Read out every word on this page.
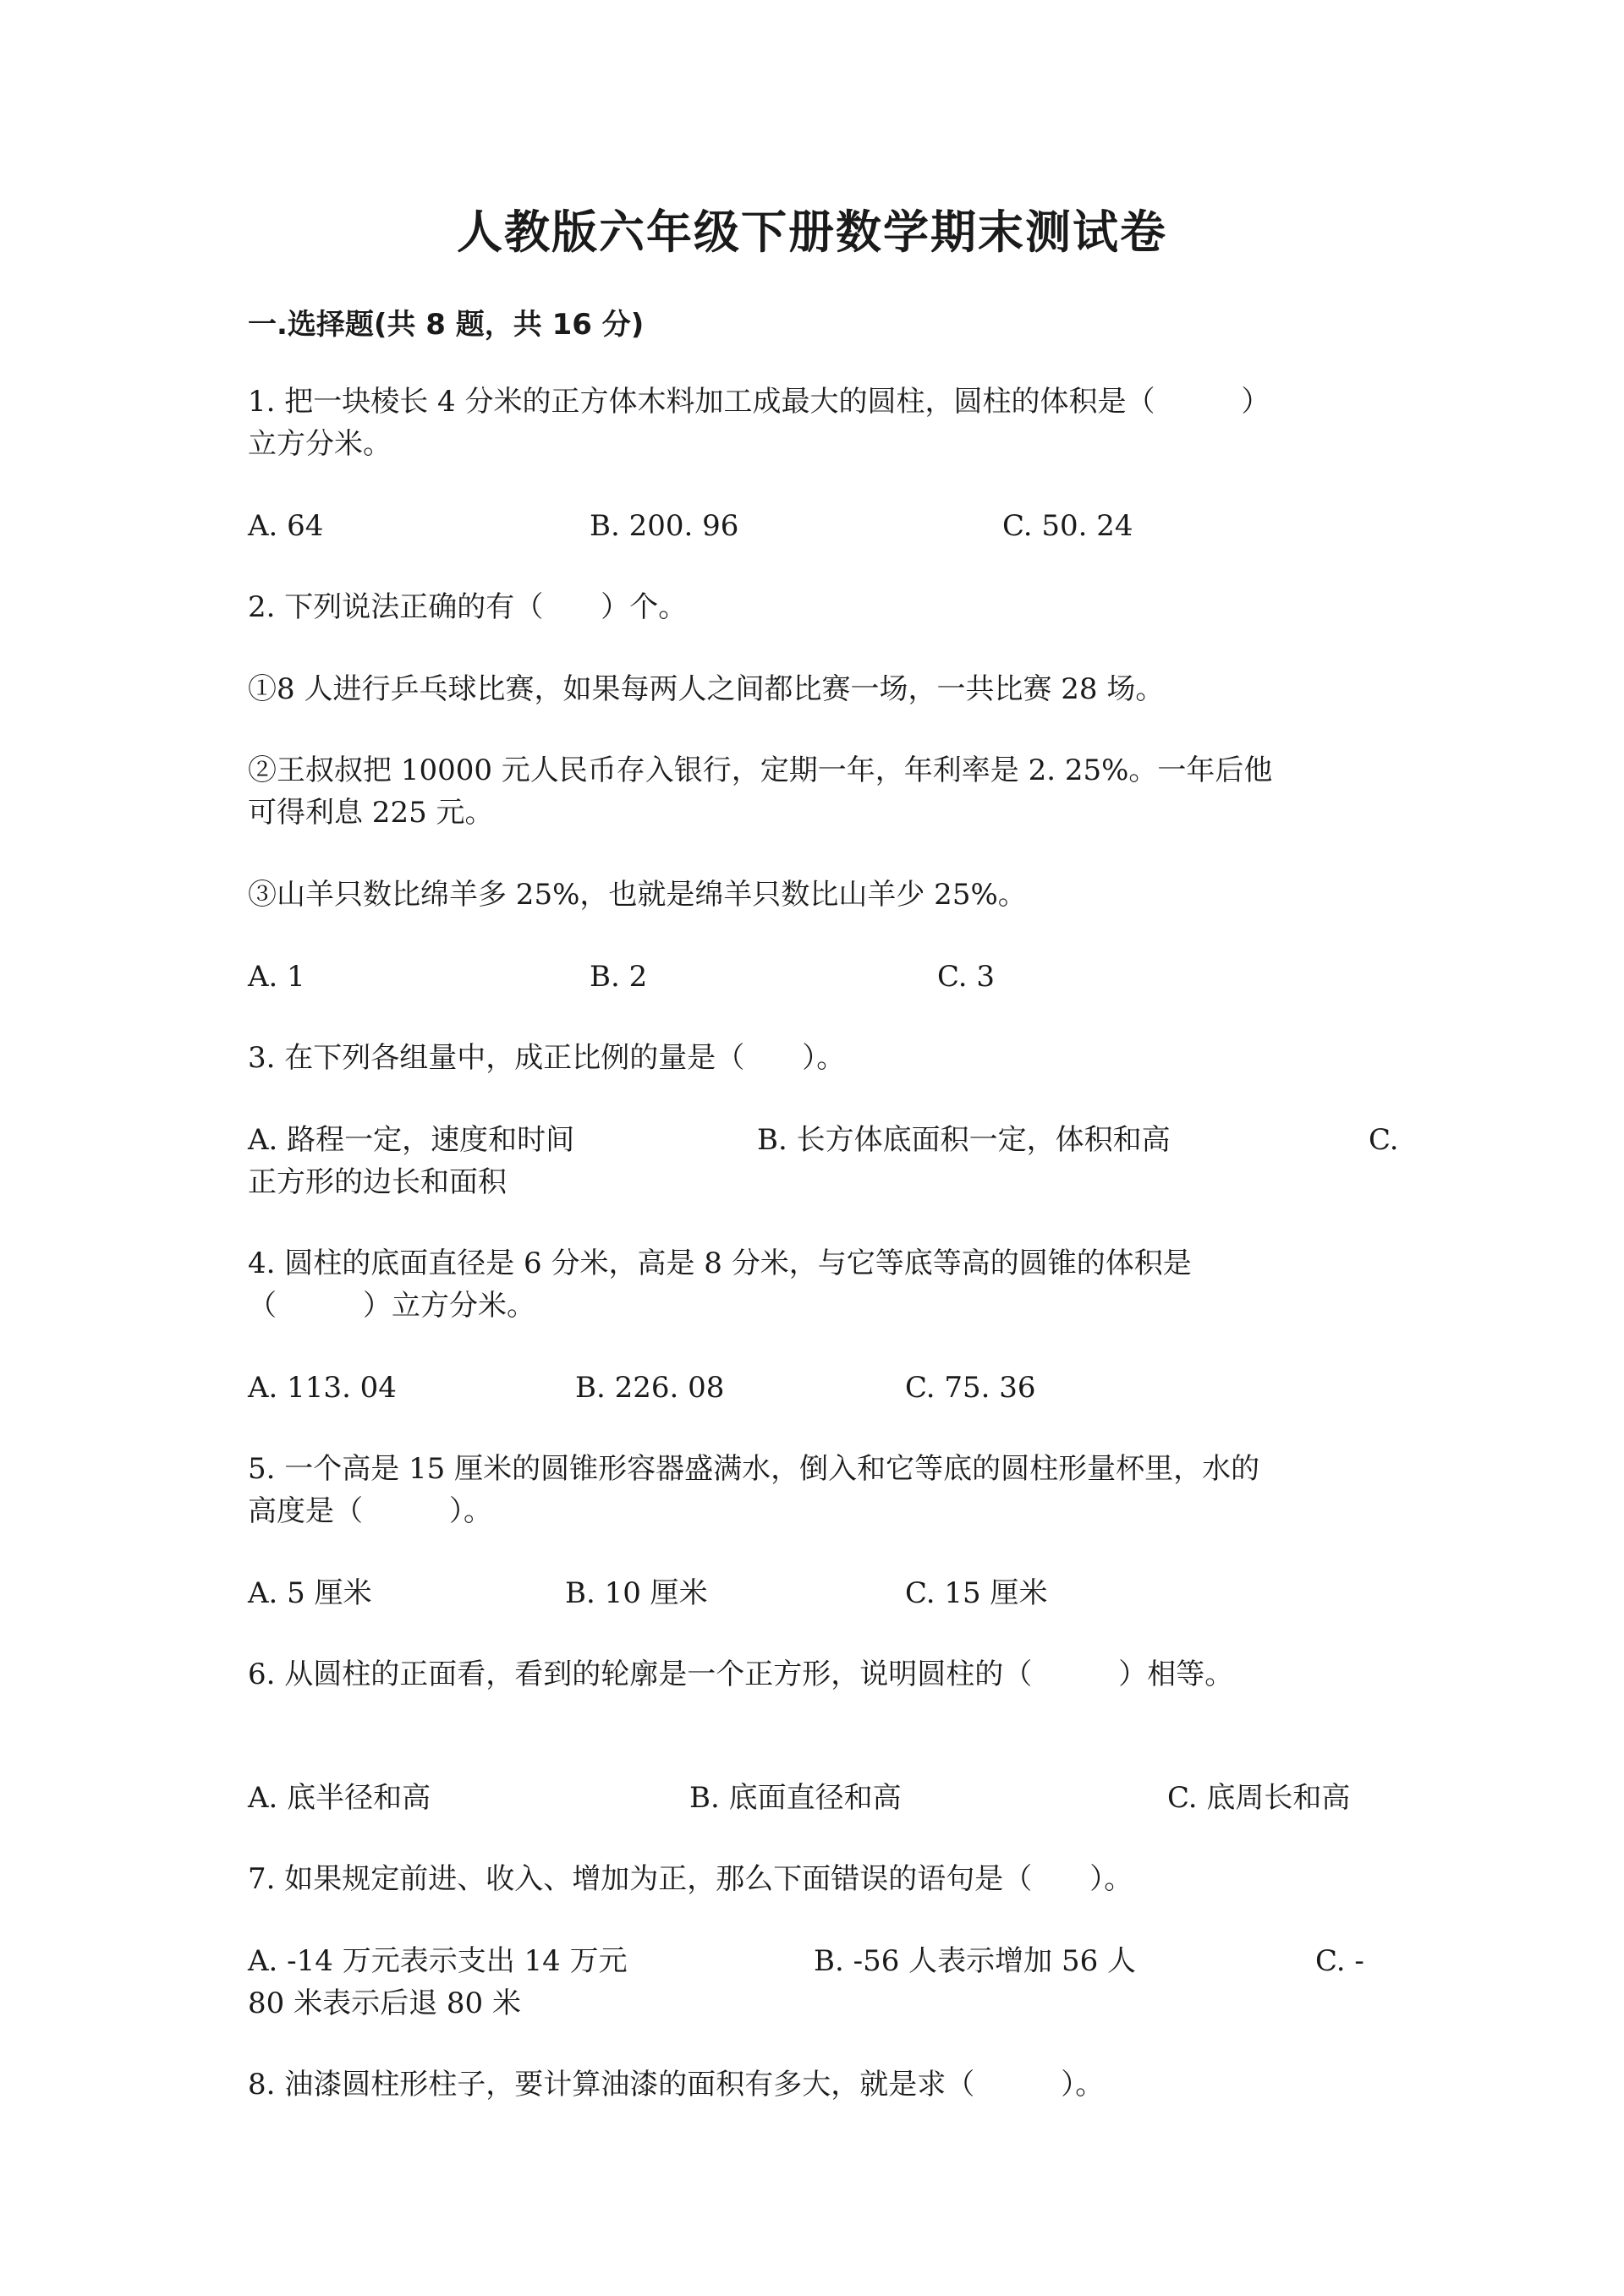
人教版六年级下册数学期末测试卷
一.选择题(共 8 题，共 16 分)
1. 把一块棱长 4 分米的正方体木料加工成最大的圆柱，圆柱的体积是（　　　）
立方分米。
A. 64	B. 200. 96	C. 50. 24
2. 下列说法正确的有（　　）个。
①8 人进行乒乓球比赛，如果每两人之间都比赛一场，一共比赛 28 场。
②王叔叔把 10000 元人民币存入银行，定期一年，年利率是 2. 25%。一年后他
可得利息 225 元。
③山羊只数比绵羊多 25%，也就是绵羊只数比山羊少 25%。
A. 1	B. 2	C. 3
3. 在下列各组量中，成正比例的量是（　　）。
A. 路程一定，速度和时间	B. 长方体底面积一定，体积和高	C.
正方形的边长和面积
4. 圆柱的底面直径是 6 分米，高是 8 分米，与它等底等高的圆锥的体积是
（　　　）立方分米。
A. 113. 04	B. 226. 08	C. 75. 36
5. 一个高是 15 厘米的圆锥形容器盛满水，倒入和它等底的圆柱形量杯里，水的
高度是（　　　）。
A. 5 厘米	B. 10 厘米	C. 15 厘米
6. 从圆柱的正面看，看到的轮廓是一个正方形，说明圆柱的（　　　）相等。
A. 底半径和高	B. 底面直径和高	C. 底周长和高
7. 如果规定前进、收入、增加为正，那么下面错误的语句是（　　）。
A. -14 万元表示支出 14 万元	B. -56 人表示增加 56 人	C. -
80 米表示后退 80 米
8. 油漆圆柱形柱子，要计算油漆的面积有多大，就是求（　　　）。
